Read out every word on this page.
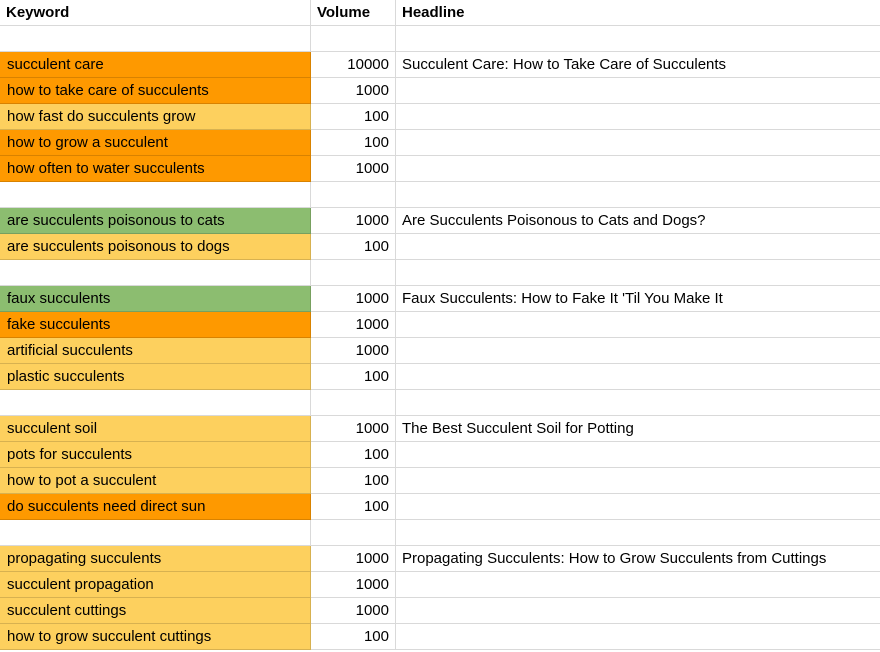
Keyword	Volume	Headline

succulent care	10000	Succulent Care: How to Take Care of Succulents
how to take care of succulents	1000	
how fast do succulents grow	100	
how to grow a succulent	100	
how often to water succulents	1000	

are succulents poisonous to cats	1000	Are Succulents Poisonous to Cats and Dogs?
are succulents poisonous to dogs	100	

faux succulents	1000	Faux Succulents: How to Fake It 'Til You Make It
fake succulents	1000	
artificial succulents	1000	
plastic succulents	100	

succulent soil	1000	The Best Succulent Soil for Potting
pots for succulents	100	
how to pot a succulent	100	
do succulents need direct sun	100	

propagating succulents	1000	Propagating Succulents: How to Grow Succulents from Cuttings
succulent propagation	1000	
succulent cuttings	1000	
how to grow succulent cuttings	100	
